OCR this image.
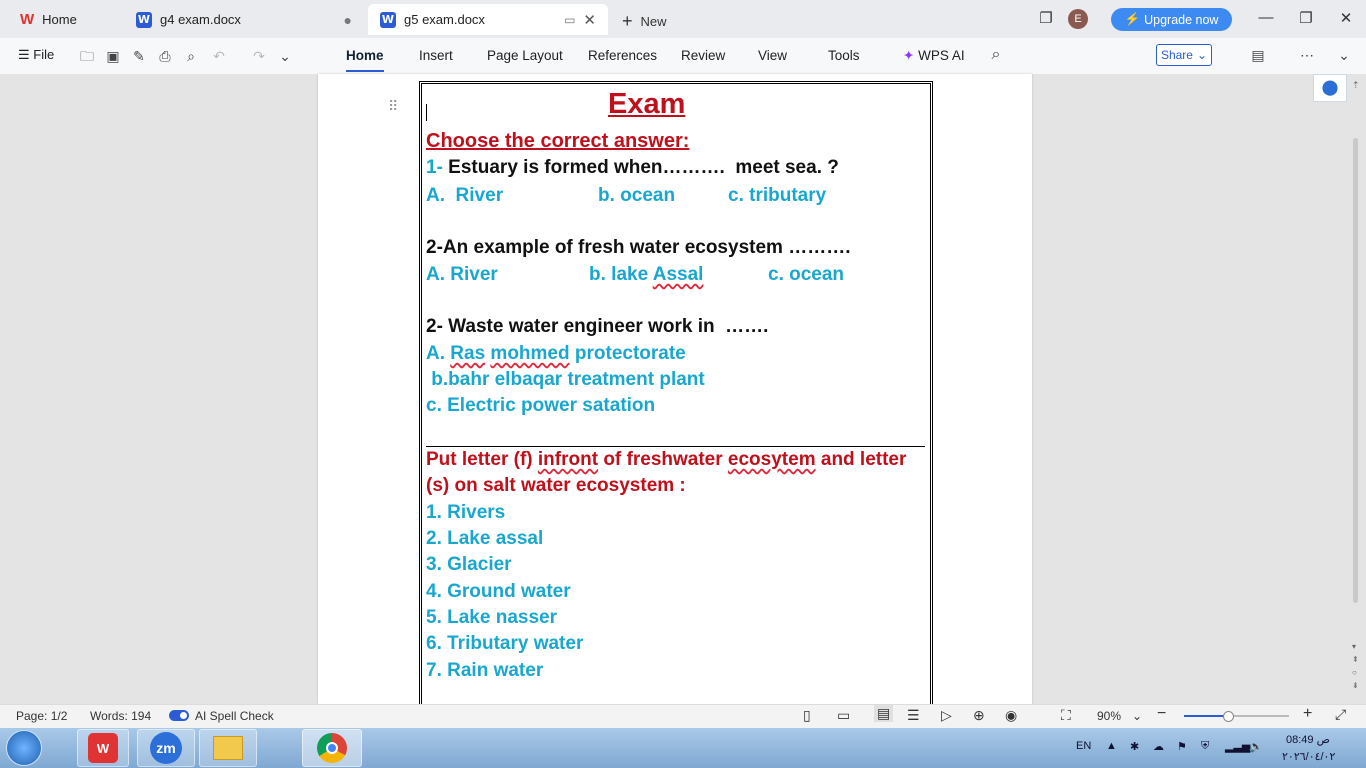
W Home	W g4 exam.docx	●	W g5 exam.docx	▭ ✕ + New	❐	E	⚡ Upgrade now	— ❐ ✕
☰ File 🗀 ▣ ✎ ⎙ ⌕ ↶ ↷ ⌄	Home	Insert	Page Layout References Review View	Tools	✦ WPS AI ⌕	Share ⌄	▤	⋯ ⌄
⠿	Exam
Choose the correct answer:
1- Estuary is formed when……….  meet sea. ?
A.  River	b. ocean	c. tributary
2-An example of fresh water ecosystem ……….
A. River	b. lake Assal	c. ocean
2- Waste water engineer work in  …….
A. Ras mohmed protectorate
b.bahr elbaqar treatment plant
c. Electric power satation
Put letter (f) infront of freshwater ecosytem and letter
(s) on salt water ecosystem :
1. Rivers
2. Lake assal
3. Glacier
4. Ground water
5. Lake nasser
6. Tributary water
7. Rain water
⬤	⇡
▾
⇞
○
⇟
Page: 1/2 Words: 194	AI Spell Check	▯ ▭ ▤ ☰ ▷ ⊕ ◉	⛶ 90% ⌄ −	+ ⤢
W	zm	EN ▲ ✱ ☁ ⚑ ⛨ ▂▃▅
🔈
08:49 ص
٢٠٢٦/٠٤/٠٢
